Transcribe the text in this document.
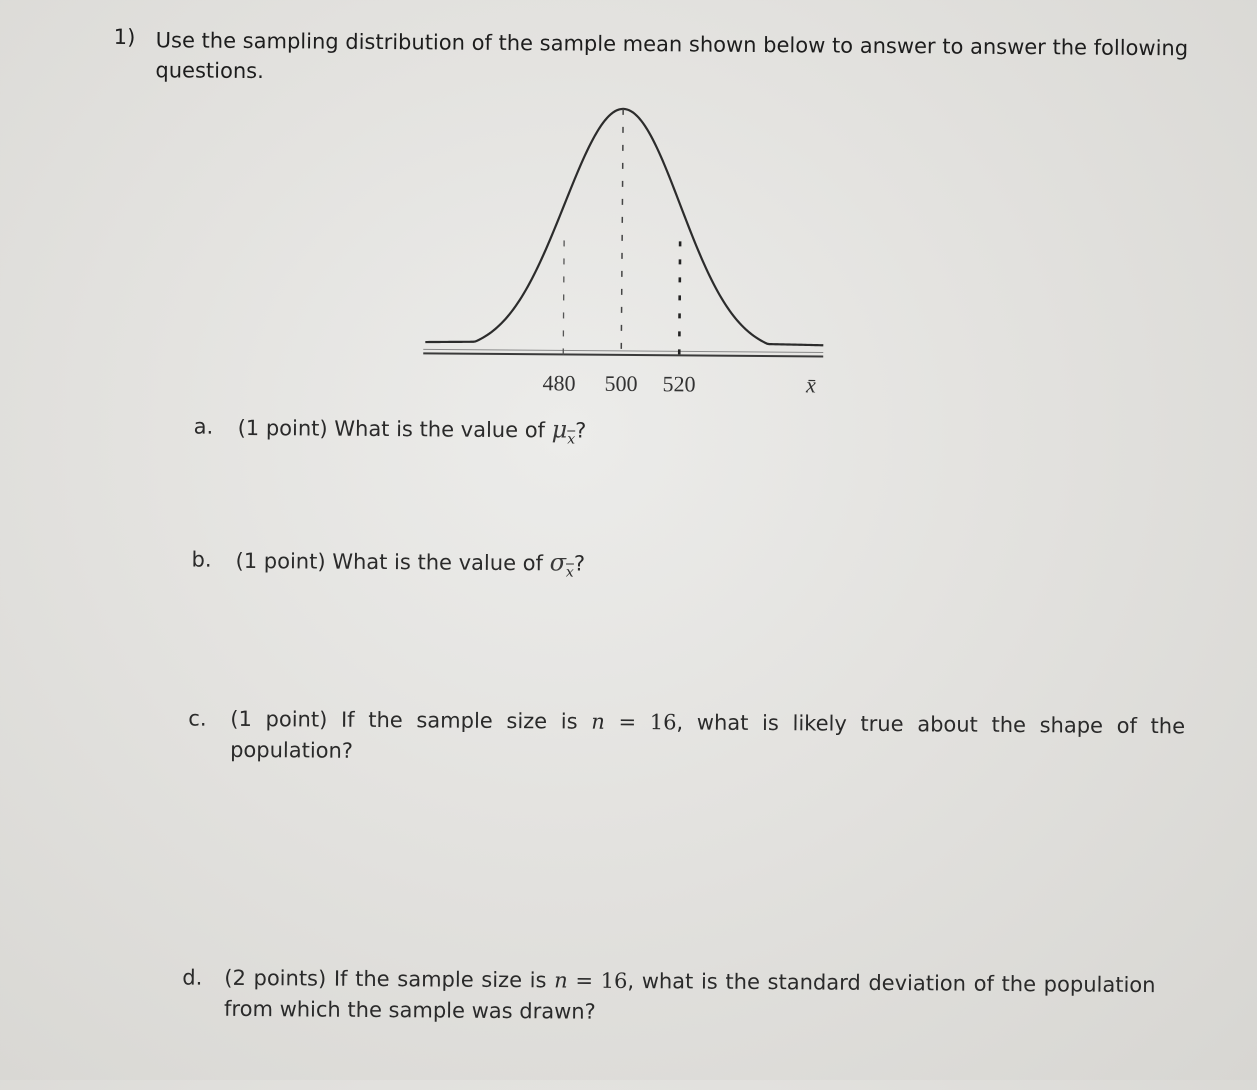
1) Use the sampling distribution of the sample mean shown below to answer to answer the following questions.
480 500 520	x̄
a. (1 point) What is the value of $\mu_{\overline{x}}$?
b. (1 point) What is the value of $\sigma_{\overline{x}}$?
c. (1 point) If the sample size is n = 16, what is likely true about the shape of the
population?
d. (2 points) If the sample size is n = 16, what is the standard deviation of the population
from which the sample was drawn?
